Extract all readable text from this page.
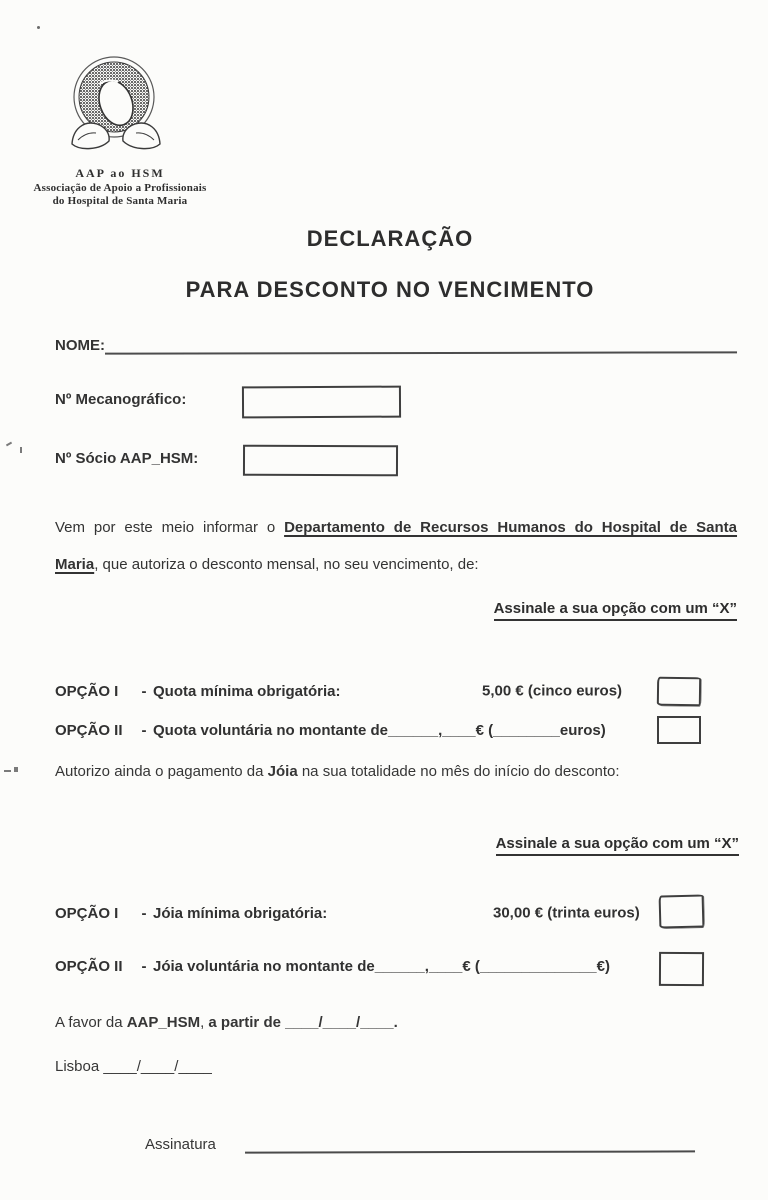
AAP ao HSM
Associação de Apoio a Profissionais
do Hospital de Santa Maria
DECLARAÇÃO
PARA DESCONTO NO VENCIMENTO
NOME:
Nº Mecanográfico:
Nº Sócio AAP_HSM:
Vem por este meio informar o Departamento de Recursos Humanos do Hospital de Santa
Maria, que autoriza o desconto mensal, no seu vencimento, de:
Assinale a sua opção com um “X”
OPÇÃO I	- Quota mínima obrigatória:	5,00 € (cinco euros)
OPÇÃO II	- Quota voluntária no montante de ______ , ____ € ( ________ euros)
Autorizo ainda o pagamento da Jóia na sua totalidade no mês do início do desconto:
Assinale a sua opção com um “X”
OPÇÃO I	- Jóia mínima obrigatória:	30,00 € (trinta euros)
OPÇÃO II	- Jóia voluntária no montante de ______ , ____ € ( ______________ €)
A favor da AAP_HSM, a partir de ____/____/____.
Lisboa ____/____/____
Assinatura
